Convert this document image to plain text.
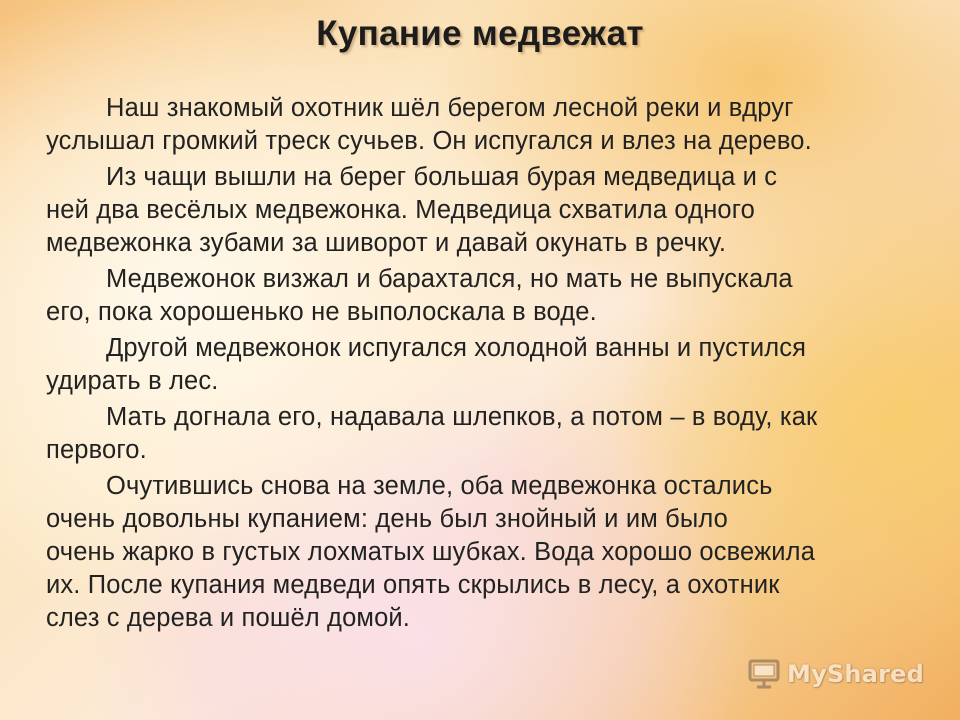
Купание медвежат

Наш знакомый охотник шёл берегом лесной реки и вдруг
услышал громкий треск сучьев. Он испугался и влез на дерево.

Из чащи вышли на берег большая бурая медведица и с
ней два весёлых медвежонка. Медведица схватила одного
медвежонка зубами за шиворот и давай окунать в речку.

Медвежонок визжал и барахтался, но мать не выпускала
его, пока хорошенько не выполоскала в воде.

Другой медвежонок испугался холодной ванны и пустился
удирать в лес.

Мать догнала его, надавала шлепков, а потом – в воду, как
первого.

Очутившись снова на земле, оба медвежонка остались
очень довольны купанием: день был знойный и им было
очень жарко в густых лохматых шубках. Вода хорошо освежила
их. После купания медведи опять скрылись в лесу, а охотник
слез с дерева и пошёл домой.

MyShared
